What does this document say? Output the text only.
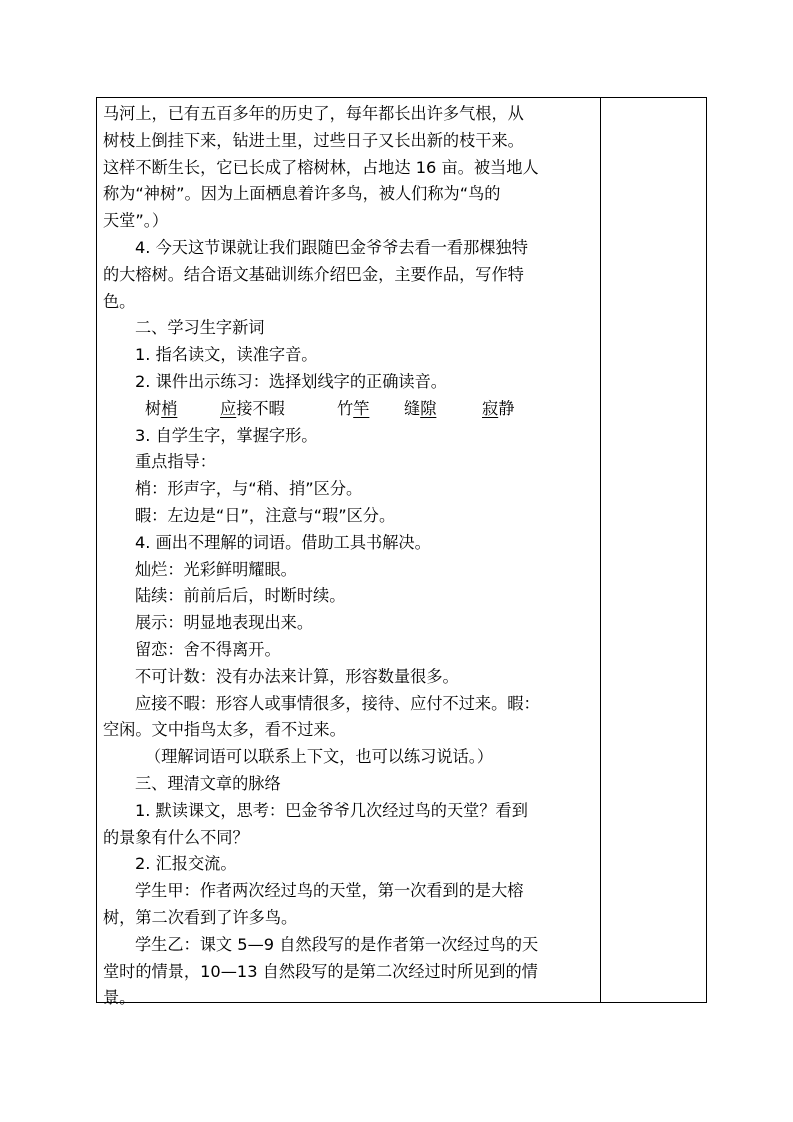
马河上，已有五百多年的历史了，每年都长出许多气根，从
树枝上倒挂下来，钻进土里，过些日子又长出新的枝干来。
这样不断生长，它已长成了榕树林，占地达 16 亩。被当地人
称为“神树”。因为上面栖息着许多鸟，被人们称为“鸟的
天堂”。）
4. 今天这节课就让我们跟随巴金爷爷去看一看那棵独特
的大榕树。结合语文基础训练介绍巴金，主要作品，写作特
色。
二、学习生字新词
1. 指名读文，读准字音。
2. 课件出示练习：选择划线字的正确读音。
树梢	应接不暇	竹竿 缝隙	寂静
3. 自学生字，掌握字形。
重点指导：
梢：形声字，与“稍、捎”区分。
暇：左边是“日”，注意与“瑕”区分。
4. 画出不理解的词语。借助工具书解决。
灿烂：光彩鲜明耀眼。
陆续：前前后后，时断时续。
展示：明显地表现出来。
留恋：舍不得离开。
不可计数：没有办法来计算，形容数量很多。
应接不暇：形容人或事情很多，接待、应付不过来。暇：
空闲。文中指鸟太多，看不过来。
（理解词语可以联系上下文，也可以练习说话。）
三、理清文章的脉络
1. 默读课文，思考：巴金爷爷几次经过鸟的天堂？看到
的景象有什么不同？
2. 汇报交流。
学生甲：作者两次经过鸟的天堂，第一次看到的是大榕
树，第二次看到了许多鸟。
学生乙：课文 5—9 自然段写的是作者第一次经过鸟的天
堂时的情景，10—13 自然段写的是第二次经过时所见到的情
景。
